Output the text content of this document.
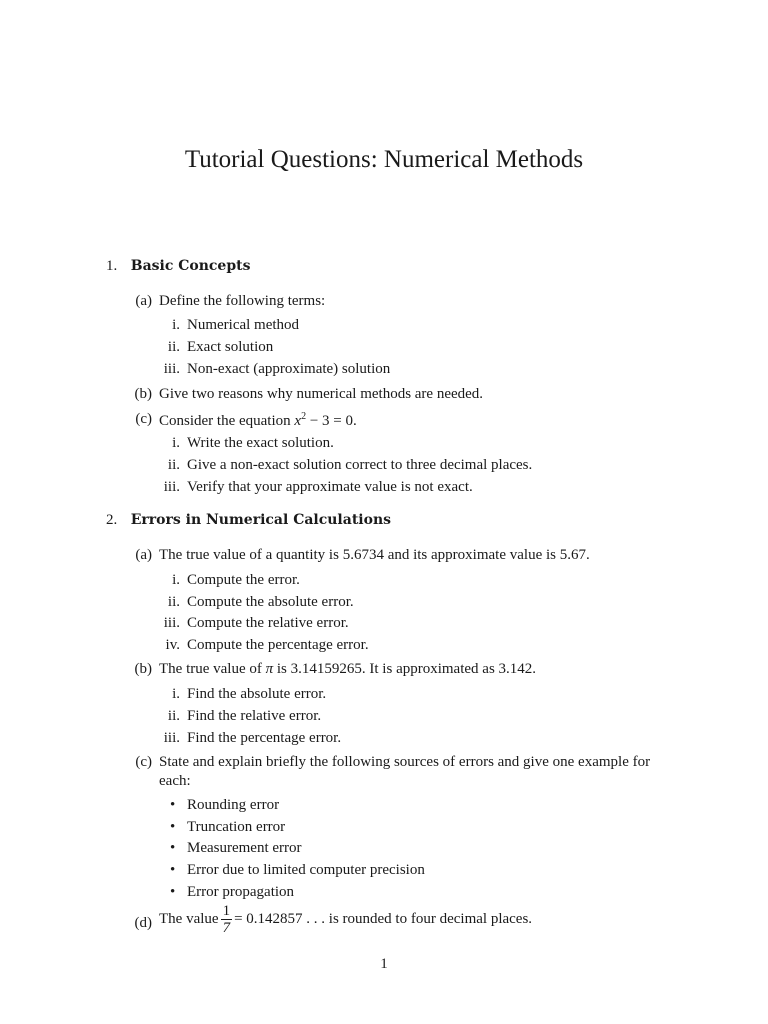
Tutorial Questions: Numerical Methods
1. Basic Concepts
(a) Define the following terms:
i. Numerical method
ii. Exact solution
iii. Non-exact (approximate) solution
(b) Give two reasons why numerical methods are needed.
(c) Consider the equation $x^2 - 3 = 0$.
i. Write the exact solution.
ii. Give a non-exact solution correct to three decimal places.
iii. Verify that your approximate value is not exact.
2. Errors in Numerical Calculations
(a) The true value of a quantity is 5.6734 and its approximate value is 5.67.
i. Compute the error.
ii. Compute the absolute error.
iii. Compute the relative error.
iv. Compute the percentage error.
(b) The true value of π is 3.14159265. It is approximated as 3.142.
i. Find the absolute error.
ii. Find the relative error.
iii. Find the percentage error.
(c) State and explain briefly the following sources of errors and give one example for
each:
• Rounding error
• Truncation error
• Measurement error
• Error due to limited computer precision
• Error propagation
(d) The value $\frac{1}{7} = 0.142857$ . . . is rounded to four decimal places.
1
